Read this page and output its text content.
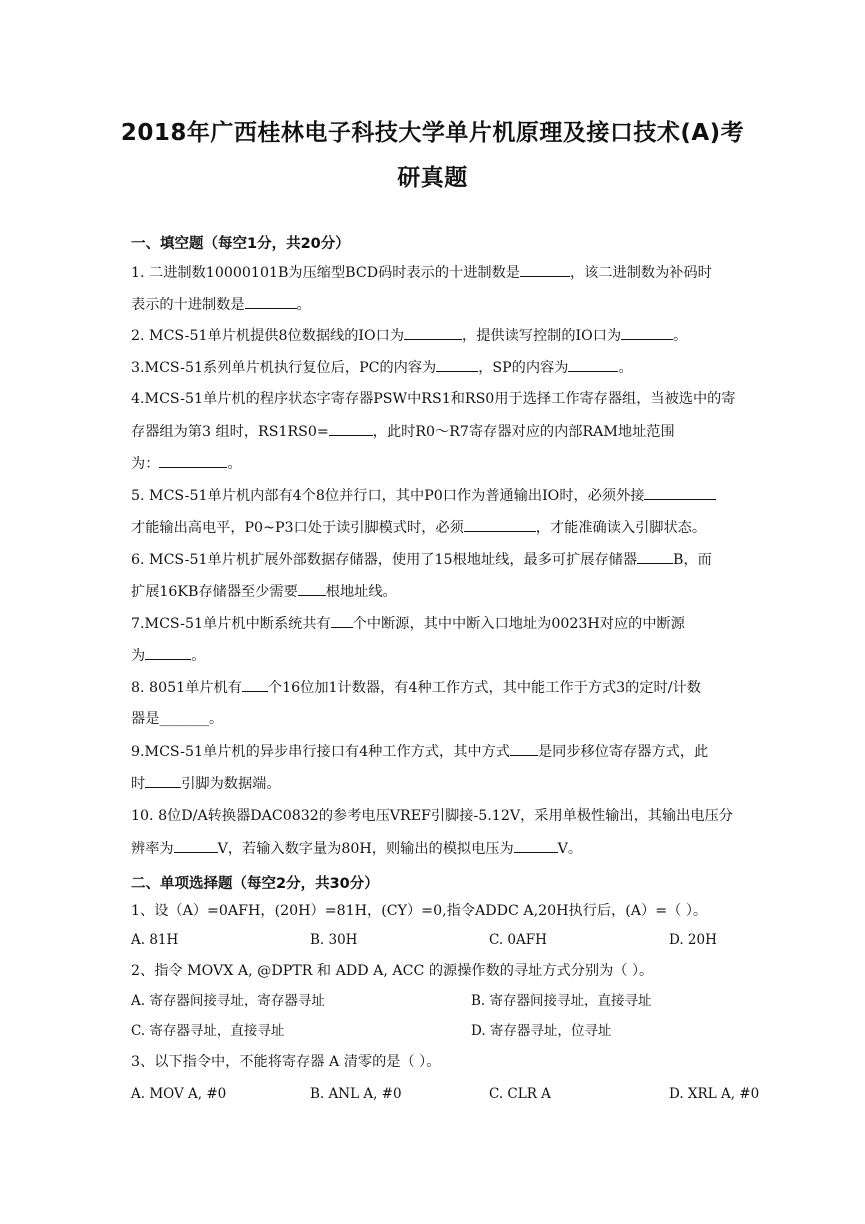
2018年广西桂林电子科技大学单片机原理及接口技术(A)考
研真题
一、填空题（每空1分，共20分）
1. 二进制数10000101B为压缩型BCD码时表示的十进制数是	，该二进制数为补码时
表示的十进制数是	。
2. MCS-51单片机提供8位数据线的IO口为	，提供读写控制的IO口为	。
3.MCS-51系列单片机执行复位后，PC的内容为	，SP的内容为	。
4.MCS-51单片机的程序状态字寄存器PSW中RS1和RS0用于选择工作寄存器组，当被选中的寄
存器组为第3 组时，RS1RS0=	，此时R0～R7寄存器对应的内部RAM地址范围
为：	。
5. MCS-51单片机内部有4个8位并行口，其中P0口作为普通输出IO时，必须外接
才能输出高电平，P0~P3口处于读引脚模式时，必须	，才能准确读入引脚状态。
6. MCS-51单片机扩展外部数据存储器，使用了15根地址线，最多可扩展存储器	B，而
扩展16KB存储器至少需要 根地址线。
7.MCS-51单片机中断系统共有 个中断源，其中中断入口地址为0023H对应的中断源
为	。
8. 8051单片机有 个16位加1计数器，有4种工作方式，其中能工作于方式3的定时/计数
器是_______。
9.MCS-51单片机的异步串行接口有4种工作方式，其中方式 是同步移位寄存器方式，此
时	引脚为数据端。
10. 8位D/A转换器DAC0832的参考电压VREF引脚接-5.12V，采用单极性输出，其输出电压分
辨率为	V，若输入数字量为80H，则输出的模拟电压为	V。
二、单项选择题（每空2分，共30分）
1、设（A）=0AFH，(20H）=81H，(CY）=0,指令ADDC A,20H执行后，(A）=（ ）。
A. 81H	B. 30H	C. 0AFH	D. 20H
2、指令 MOVX A, @DPTR 和 ADD A, ACC 的源操作数的寻址方式分别为（ ）。
A. 寄存器间接寻址，寄存器寻址	B. 寄存器间接寻址，直接寻址
C. 寄存器寻址，直接寻址	D. 寄存器寻址，位寻址
3、以下指令中，不能将寄存器 A 清零的是（ ）。
A. MOV A, #0	B. ANL A, #0	C. CLR A	D. XRL A, #0
